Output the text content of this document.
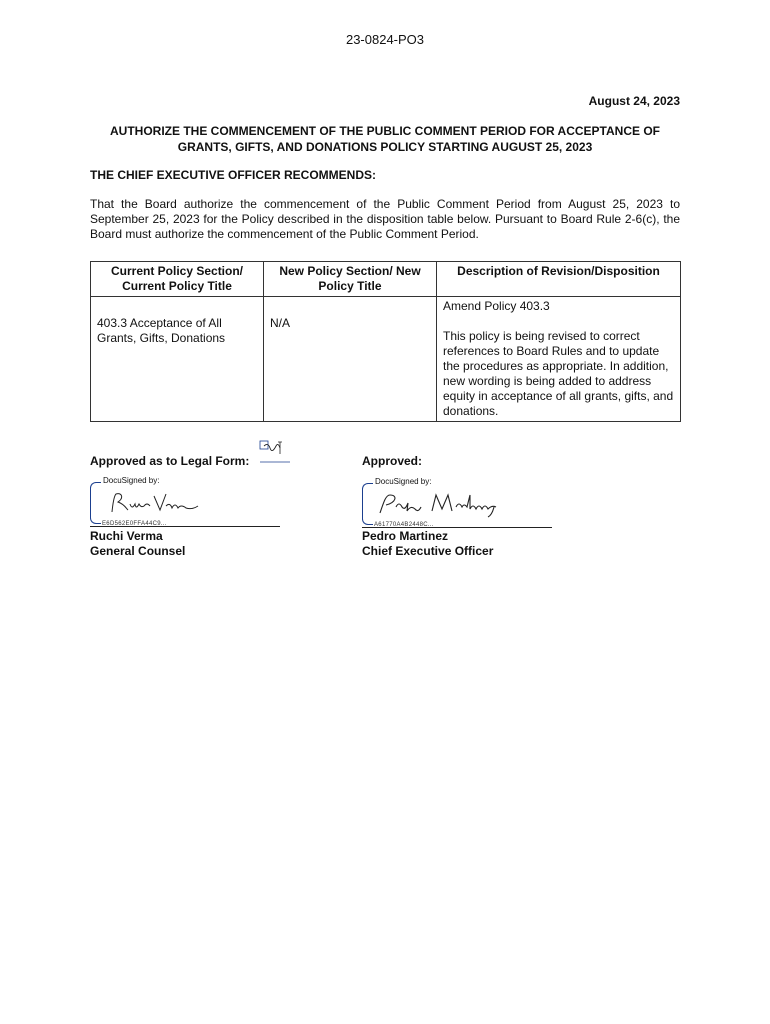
23-0824-PO3
August 24, 2023
AUTHORIZE THE COMMENCEMENT OF THE PUBLIC COMMENT PERIOD FOR ACCEPTANCE OF GRANTS, GIFTS, AND DONATIONS POLICY STARTING AUGUST 25, 2023
THE CHIEF EXECUTIVE OFFICER RECOMMENDS:
That the Board authorize the commencement of the Public Comment Period from August 25, 2023 to September 25, 2023 for the Policy described in the disposition table below. Pursuant to Board Rule 2-6(c), the Board must authorize the commencement of the Public Comment Period.
Current Policy Section/ Current Policy Title	New Policy Section/ New Policy Title	Description of Revision/Disposition

403.3 Acceptance of All Grants, Gifts, Donations	N/A	Amend Policy 403.3
This policy is being revised to correct references to Board Rules and to update the procedures as appropriate. In addition, new wording is being added to address equity in acceptance of all grants, gifts, and donations.
Approved as to Legal Form:	Approved:
DocuSigned by:
E6D562E0FFA44C9...
Ruchi Verma
General Counsel
DocuSigned by:
A61770A4B2448C...
Pedro Martinez
Chief Executive Officer
